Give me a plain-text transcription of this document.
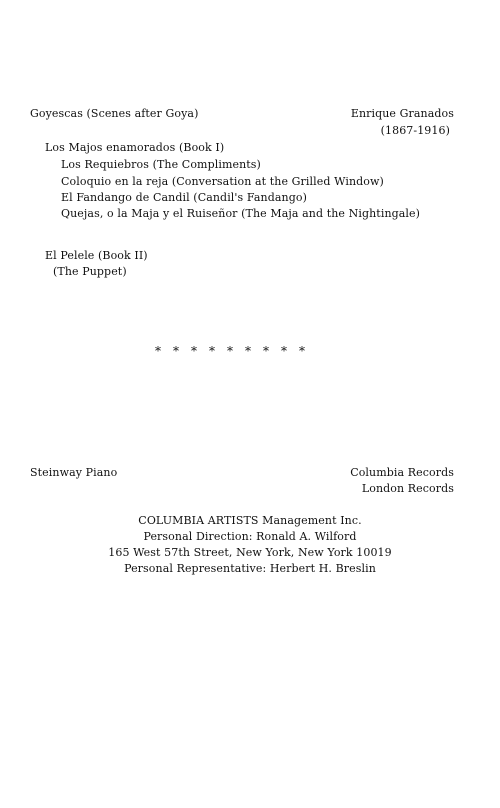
Goyescas (Scenes after Goya)	Enrique Granados
(1867-1916)
Los Majos enamorados (Book I)
Los Requiebros (The Compliments)
Coloquio en la reja (Conversation at the Grilled Window)
El Fandango de Candil (Candil's Fandango)
Quejas, o la Maja y el Ruiseñor (The Maja and the Nightingale)
El Pelele (Book II)
(The Puppet)
* * * * * * * * *
Steinway Piano	Columbia Records
London Records
COLUMBIA ARTISTS Management Inc.
Personal Direction: Ronald A. Wilford
165 West 57th Street, New York, New York 10019
Personal Representative: Herbert H. Breslin
